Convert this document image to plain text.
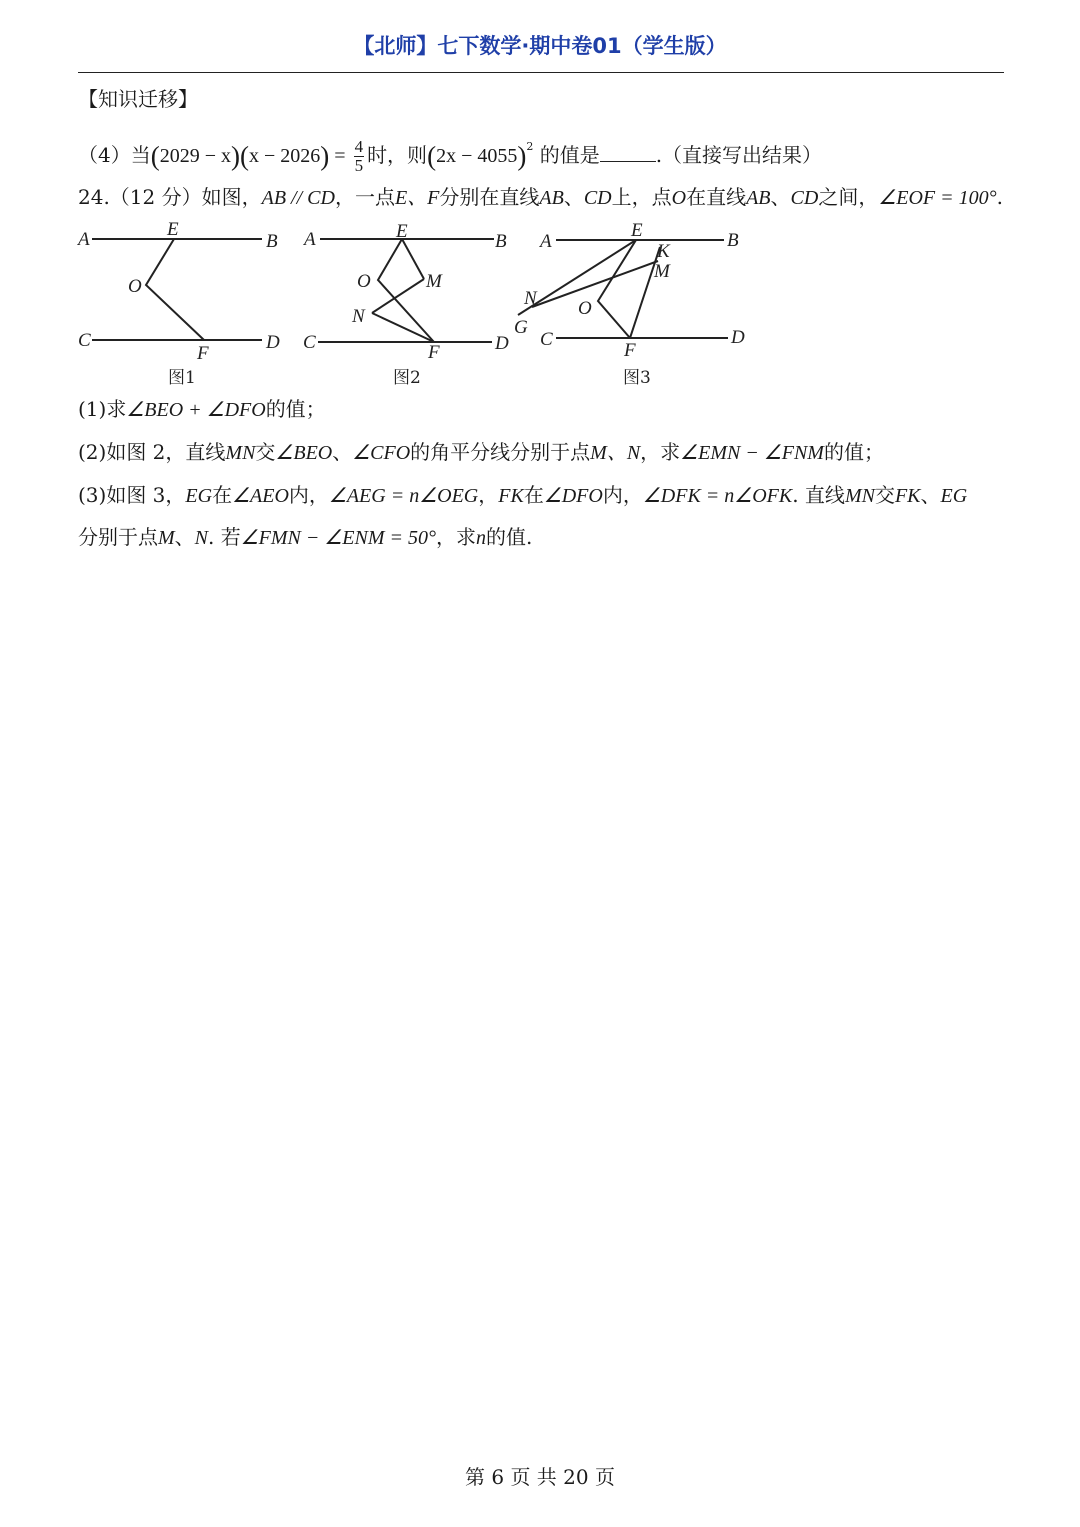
【北师】七下数学·期中卷01（学生版）
【知识迁移】
（4）当$(2029 - x)(x - 2026) = \frac{4}{5}$ 时，则$(2x - 4055)^2$ 的值是	.（直接写出结果）
24.（12 分）如图，AB // CD，一点E、F分别在直线AB、CD上，点O在直线AB、CD之间，∠EOF = 100°.
A	B
E
O
C	D
F
图1
A	B
E
O	M
N
C	D
F
图2
A	B
E
K
M
N O
G
C	D
F
图3
(1)求∠BEO + ∠DFO的值；
(2)如图 2，直线MN交∠BEO、∠CFO的角平分线分别于点M、N，求∠EMN − ∠FNM的值；
(3)如图 3，EG在∠AEO内，∠AEG = n∠OEG，FK在∠DFO内，∠DFK = n∠OFK. 直线MN交FK、EG
分别于点M、N. 若∠FMN − ∠ENM = 50°，求n的值.
第 6 页 共 20 页
